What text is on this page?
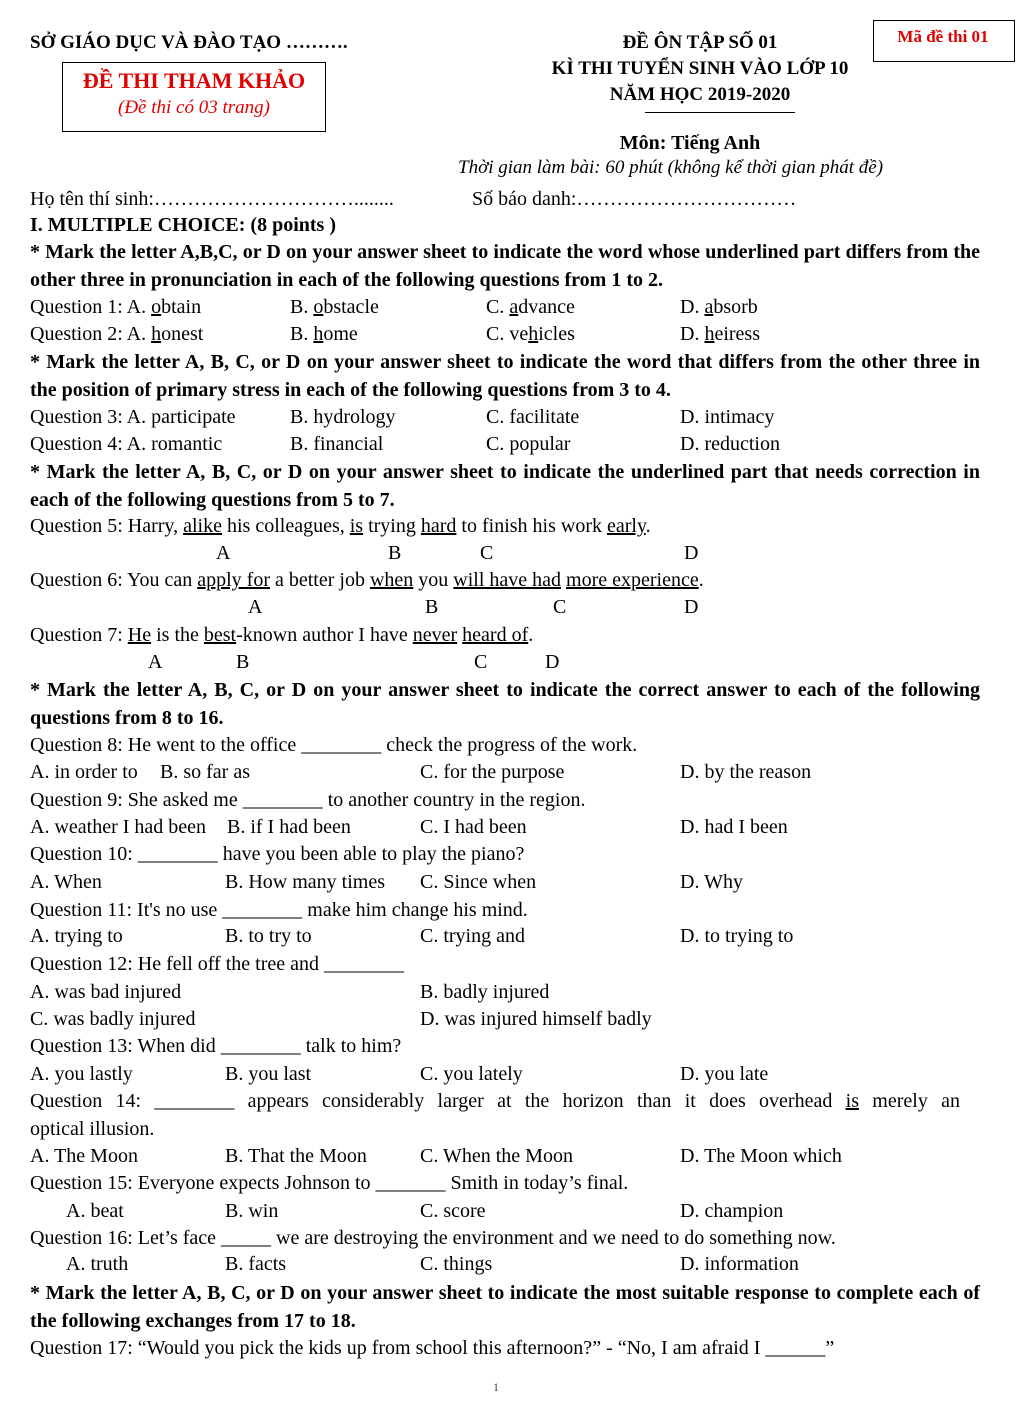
SỞ GIÁO DỤC VÀ ĐÀO TẠO ……….
ĐỀ THI THAM KHẢO
(Đề thi có 03 trang)
ĐỀ ÔN TẬP SỐ 01
KÌ THI TUYỂN SINH VÀO LỚP 10
NĂM HỌC 2019-2020
Mã đề thi 01
Môn: Tiếng Anh
Thời gian làm bài: 60 phút (không kể thời gian phát đề)
Họ tên thí sinh:…………………………........	Số báo danh:……………………………
I. MULTIPLE CHOICE: (8 points )
* Mark the letter A,B,C, or D on your answer sheet to indicate the word whose underlined part differs from the other three in pronunciation in each of the following questions from 1 to 2.
Question 1: A. obtain	B. obstacle	C. advance	D. absorb
Question 2: A. honest	B. home	C. vehicles	D. heiress
* Mark the letter A, B, C, or D on your answer sheet to indicate the word that differs from the other three in the position of primary stress in each of the following questions from 3 to 4.
Question 3: A. participate	B. hydrology	C. facilitate	D. intimacy
Question 4: A. romantic	B. financial	C. popular	D. reduction
* Mark the letter A, B, C, or D on your answer sheet to indicate the underlined part that needs correction in each of the following questions from 5 to 7.
Question 5: Harry, alike his colleagues, is trying hard to finish his work early.
A	B	C	D
Question 6: You can apply for a better job when you will have had more experience.
A	B	C	D
Question 7: He is the best-known author I have never heard of.
A	B	C	D
* Mark the letter A, B, C, or D on your answer sheet to indicate the correct answer to each of the following questions from 8 to 16.
Question 8: He went to the office ________ check the progress of the work.
A. in order to B. so far as	C. for the purpose	D. by the reason
Question 9: She asked me ________ to another country in the region.
A. weather I had been B. if I had been	C. I had been	D. had I been
Question 10: ________ have you been able to play the piano?
A. When	B. How many times C. Since when	D. Why
Question 11: It's no use ________ make him change his mind.
A. trying to	B. to try to	C. trying and	D. to trying to
Question 12: He fell off the tree and ________
A. was bad injured	B. badly injured
C. was badly injured	D. was injured himself badly
Question 13: When did ________ talk to him?
A. you lastly	B. you last	C. you lately	D. you late
Question 14: ________ appears considerably larger at the horizon than it does overhead is merely an
optical illusion.
A. The Moon	B. That the Moon	C. When the Moon	D. The Moon which
Question 15: Everyone expects Johnson to _______ Smith in today’s final.
A. beat	B. win	C. score	D. champion
Question 16: Let’s face _____ we are destroying the environment and we need to do something now.
A. truth	B. facts	C. things	D. information
* Mark the letter A, B, C, or D on your answer sheet to indicate the most suitable response to complete each of the following exchanges from 17 to 18.
Question 17: “Would you pick the kids up from school this afternoon?” - “No, I am afraid I ______”
1
